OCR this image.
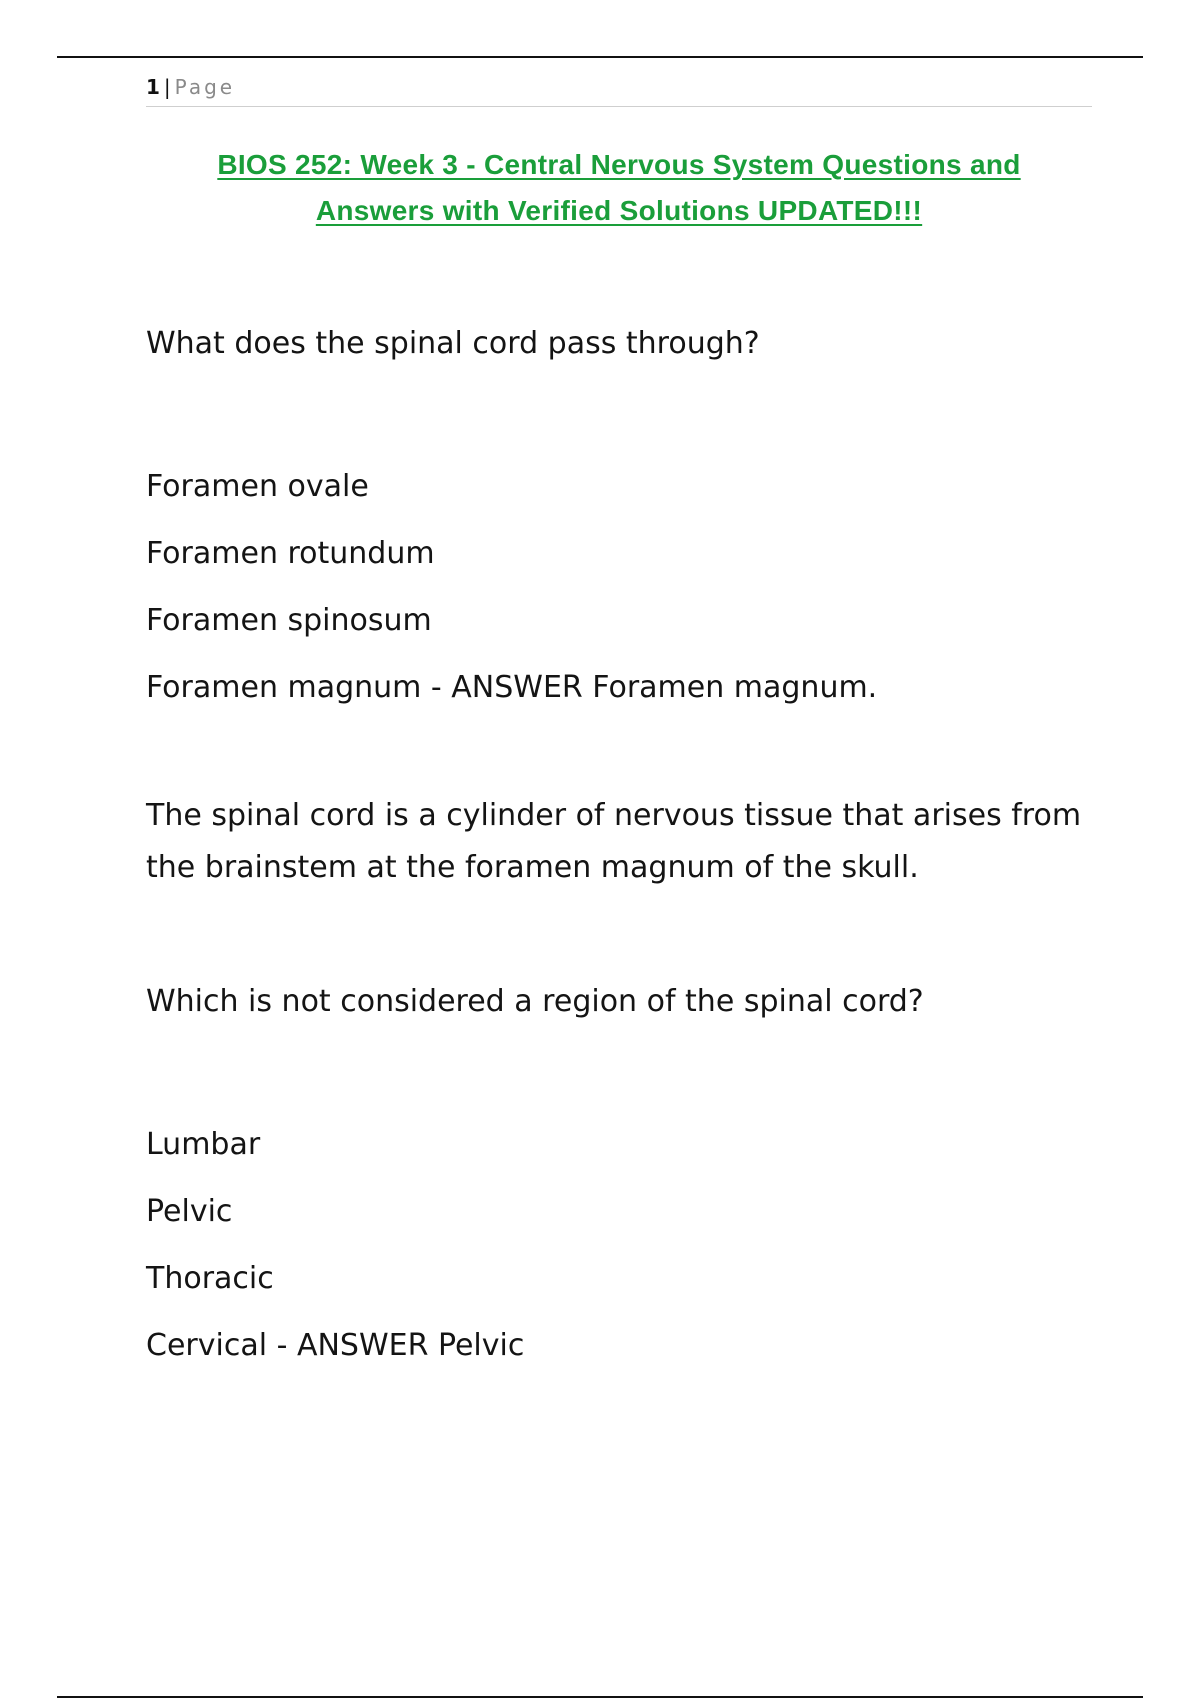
1 | Page
BIOS 252: Week 3 - Central Nervous System Questions and
Answers with Verified Solutions UPDATED!!!
What does the spinal cord pass through?
Foramen ovale
Foramen rotundum
Foramen spinosum
Foramen magnum - ANSWER Foramen magnum.
The spinal cord is a cylinder of nervous tissue that arises from
the brainstem at the foramen magnum of the skull.
Which is not considered a region of the spinal cord?
Lumbar
Pelvic
Thoracic
Cervical - ANSWER Pelvic
